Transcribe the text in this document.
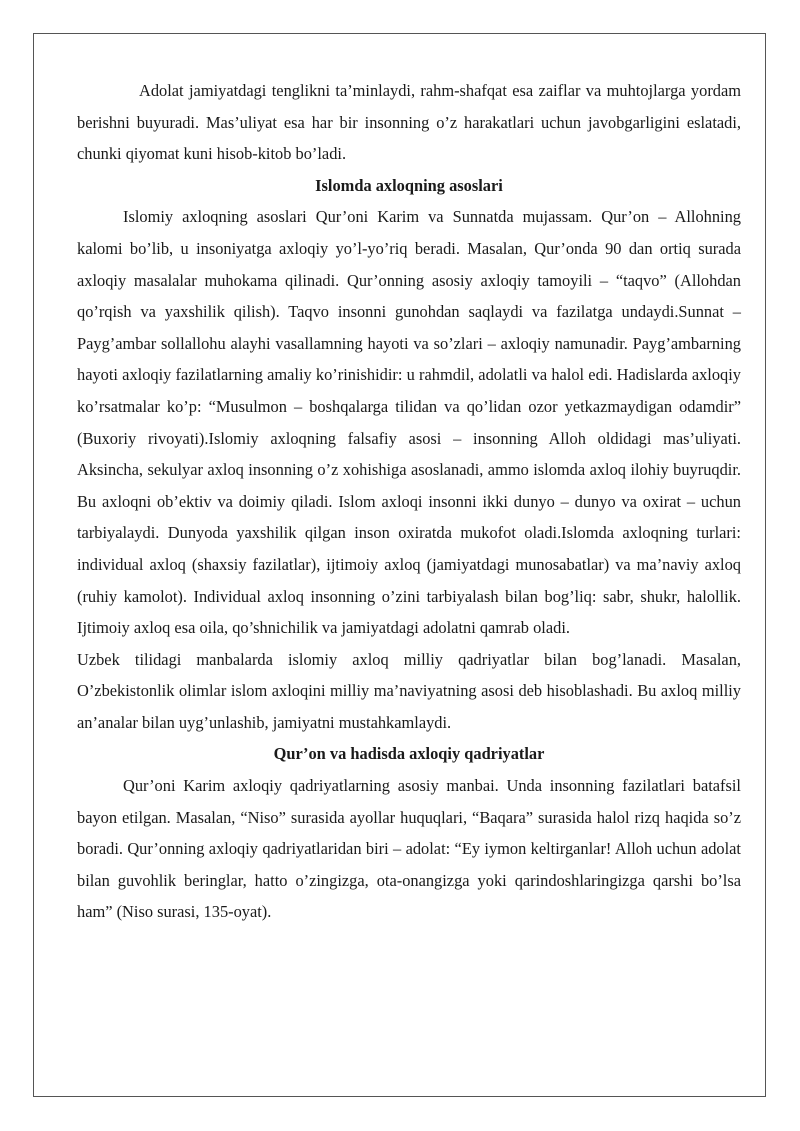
Adolat jamiyatdagi tenglikni ta’minlaydi, rahm-shafqat esa zaiflar va muhtojlarga yordam berishni buyuradi. Mas’uliyat esa har bir insonning o’z harakatlari uchun javobgarligini eslatadi, chunki qiyomat kuni hisob-kitob bo’ladi.

Islomda axloqning asoslari

Islomiy axloqning asoslari Qur’oni Karim va Sunnatda mujassam. Qur’on – Allohning kalomi bo’lib, u insoniyatga axloqiy yo’l-yo’riq beradi. Masalan, Qur’onda 90 dan ortiq surada axloqiy masalalar muhokama qilinadi. Qur’onning asosiy axloqiy tamoyili – “taqvo” (Allohdan qo’rqish va yaxshilik qilish). Taqvo insonni gunohdan saqlaydi va fazilatga undaydi.Sunnat – Payg’ambar sollallohu alayhi vasallamning hayoti va so’zlari – axloqiy namunadir. Payg’ambarning hayoti axloqiy fazilatlarning amaliy ko’rinishidir: u rahmdil, adolatli va halol edi. Hadislarda axloqiy ko’rsatmalar ko’p: “Musulmon – boshqalarga tilidan va qo’lidan ozor yetkazmaydigan odamdir” (Buxoriy rivoyati).Islomiy axloqning falsafiy asosi – insonning Alloh oldidagi mas’uliyati. Aksincha, sekulyar axloq insonning o’z xohishiga asoslanadi, ammo islomda axloq ilohiy buyruqdir. Bu axloqni ob’ektiv va doimiy qiladi. Islom axloqi insonni ikki dunyo – dunyo va oxirat – uchun tarbiyalaydi. Dunyoda yaxshilik qilgan inson oxiratda mukofot oladi.Islomda axloqning turlari: individual axloq (shaxsiy fazilatlar), ijtimoiy axloq (jamiyatdagi munosabatlar) va ma’naviy axloq (ruhiy kamolot). Individual axloq insonning o’zini tarbiyalash bilan bog’liq: sabr, shukr, halollik. Ijtimoiy axloq esa oila, qo’shnichilik va jamiyatdagi adolatni qamrab oladi.

Uzbek tilidagi manbalarda islomiy axloq milliy qadriyatlar bilan bog’lanadi. Masalan, O’zbekistonlik olimlar islom axloqini milliy ma’naviyatning asosi deb hisoblashadi. Bu axloq milliy an’analar bilan uyg’unlashib, jamiyatni mustahkamlaydi.

Qur’on va hadisda axloqiy qadriyatlar

Qur’oni Karim axloqiy qadriyatlarning asosiy manbai. Unda insonning fazilatlari batafsil bayon etilgan. Masalan, “Niso” surasida ayollar huquqlari, “Baqara” surasida halol rizq haqida so’z boradi. Qur’onning axloqiy qadriyatlaridan biri – adolat: “Ey iymon keltirganlar! Alloh uchun adolat bilan guvohlik beringlar, hatto o’zingizga, ota-onangizga yoki qarindoshlaringizga qarshi bo’lsa ham” (Niso surasi, 135-oyat).
